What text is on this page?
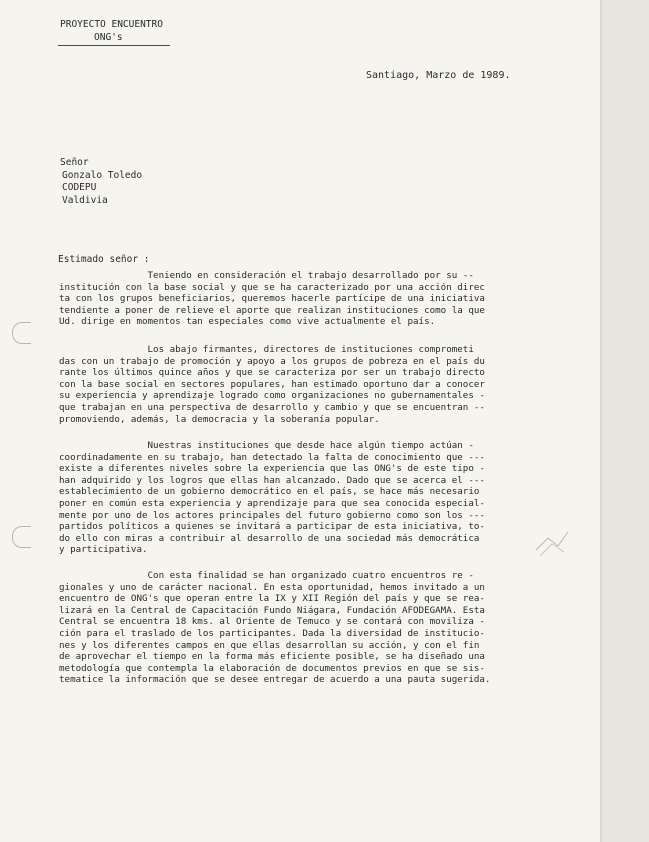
PROYECTO ENCUENTRO
ONG's
Santiago, Marzo de 1989.
Señor
Gonzalo Toledo
CODEPU
Valdivia
Estimado señor :
Teniendo en consideración el trabajo desarrollado por su --
institución con la base social y que se ha caracterizado por una acción direc
ta con los grupos beneficiarios, queremos hacerle partícipe de una iniciativa
tendiente a poner de relieve el aporte que realizan instituciones como la que
Ud. dirige en momentos tan especiales como vive actualmente el país.
Los abajo firmantes, directores de instituciones comprometi
das con un trabajo de promoción y apoyo a los grupos de pobreza en el país du
rante los últimos quince años y que se caracteriza por ser un trabajo directo
con la base social en sectores populares, han estimado oportuno dar a conocer
su experiencia y aprendizaje logrado como organizaciones no gubernamentales -
que trabajan en una perspectiva de desarrollo y cambio y que se encuentran --
promoviendo, además, la democracia y la soberanía popular.
Nuestras instituciones que desde hace algún tiempo actúan -
coordinadamente en su trabajo, han detectado la falta de conocimiento que ---
existe a diferentes niveles sobre la experiencia que las ONG's de este tipo -
han adquirido y los logros que ellas han alcanzado. Dado que se acerca el ---
establecimiento de un gobierno democrático en el país, se hace más necesario
poner en común esta experiencia y aprendizaje para que sea conocida especial-
mente por uno de los actores principales del futuro gobierno como son los ---
partidos políticos a quienes se invitará a participar de esta iniciativa, to-
do ello con miras a contribuir al desarrollo de una sociedad más democrática
y participativa.
Con esta finalidad se han organizado cuatro encuentros re -
gionales y uno de carácter nacional. En esta oportunidad, hemos invitado a un
encuentro de ONG's que operan entre la IX y XII Región del país y que se rea-
lizará en la Central de Capacitación Fundo Niágara, Fundación AFODEGAMA. Esta
Central se encuentra 18 kms. al Oriente de Temuco y se contará con moviliza -
ción para el traslado de los participantes. Dada la diversidad de institucio-
nes y los diferentes campos en que ellas desarrollan su acción, y con el fin
de aprovechar el tiempo en la forma más eficiente posible, se ha diseñado una
metodología que contempla la elaboración de documentos previos en que se sis-
tematice la información que se desee entregar de acuerdo a una pauta sugerida.
